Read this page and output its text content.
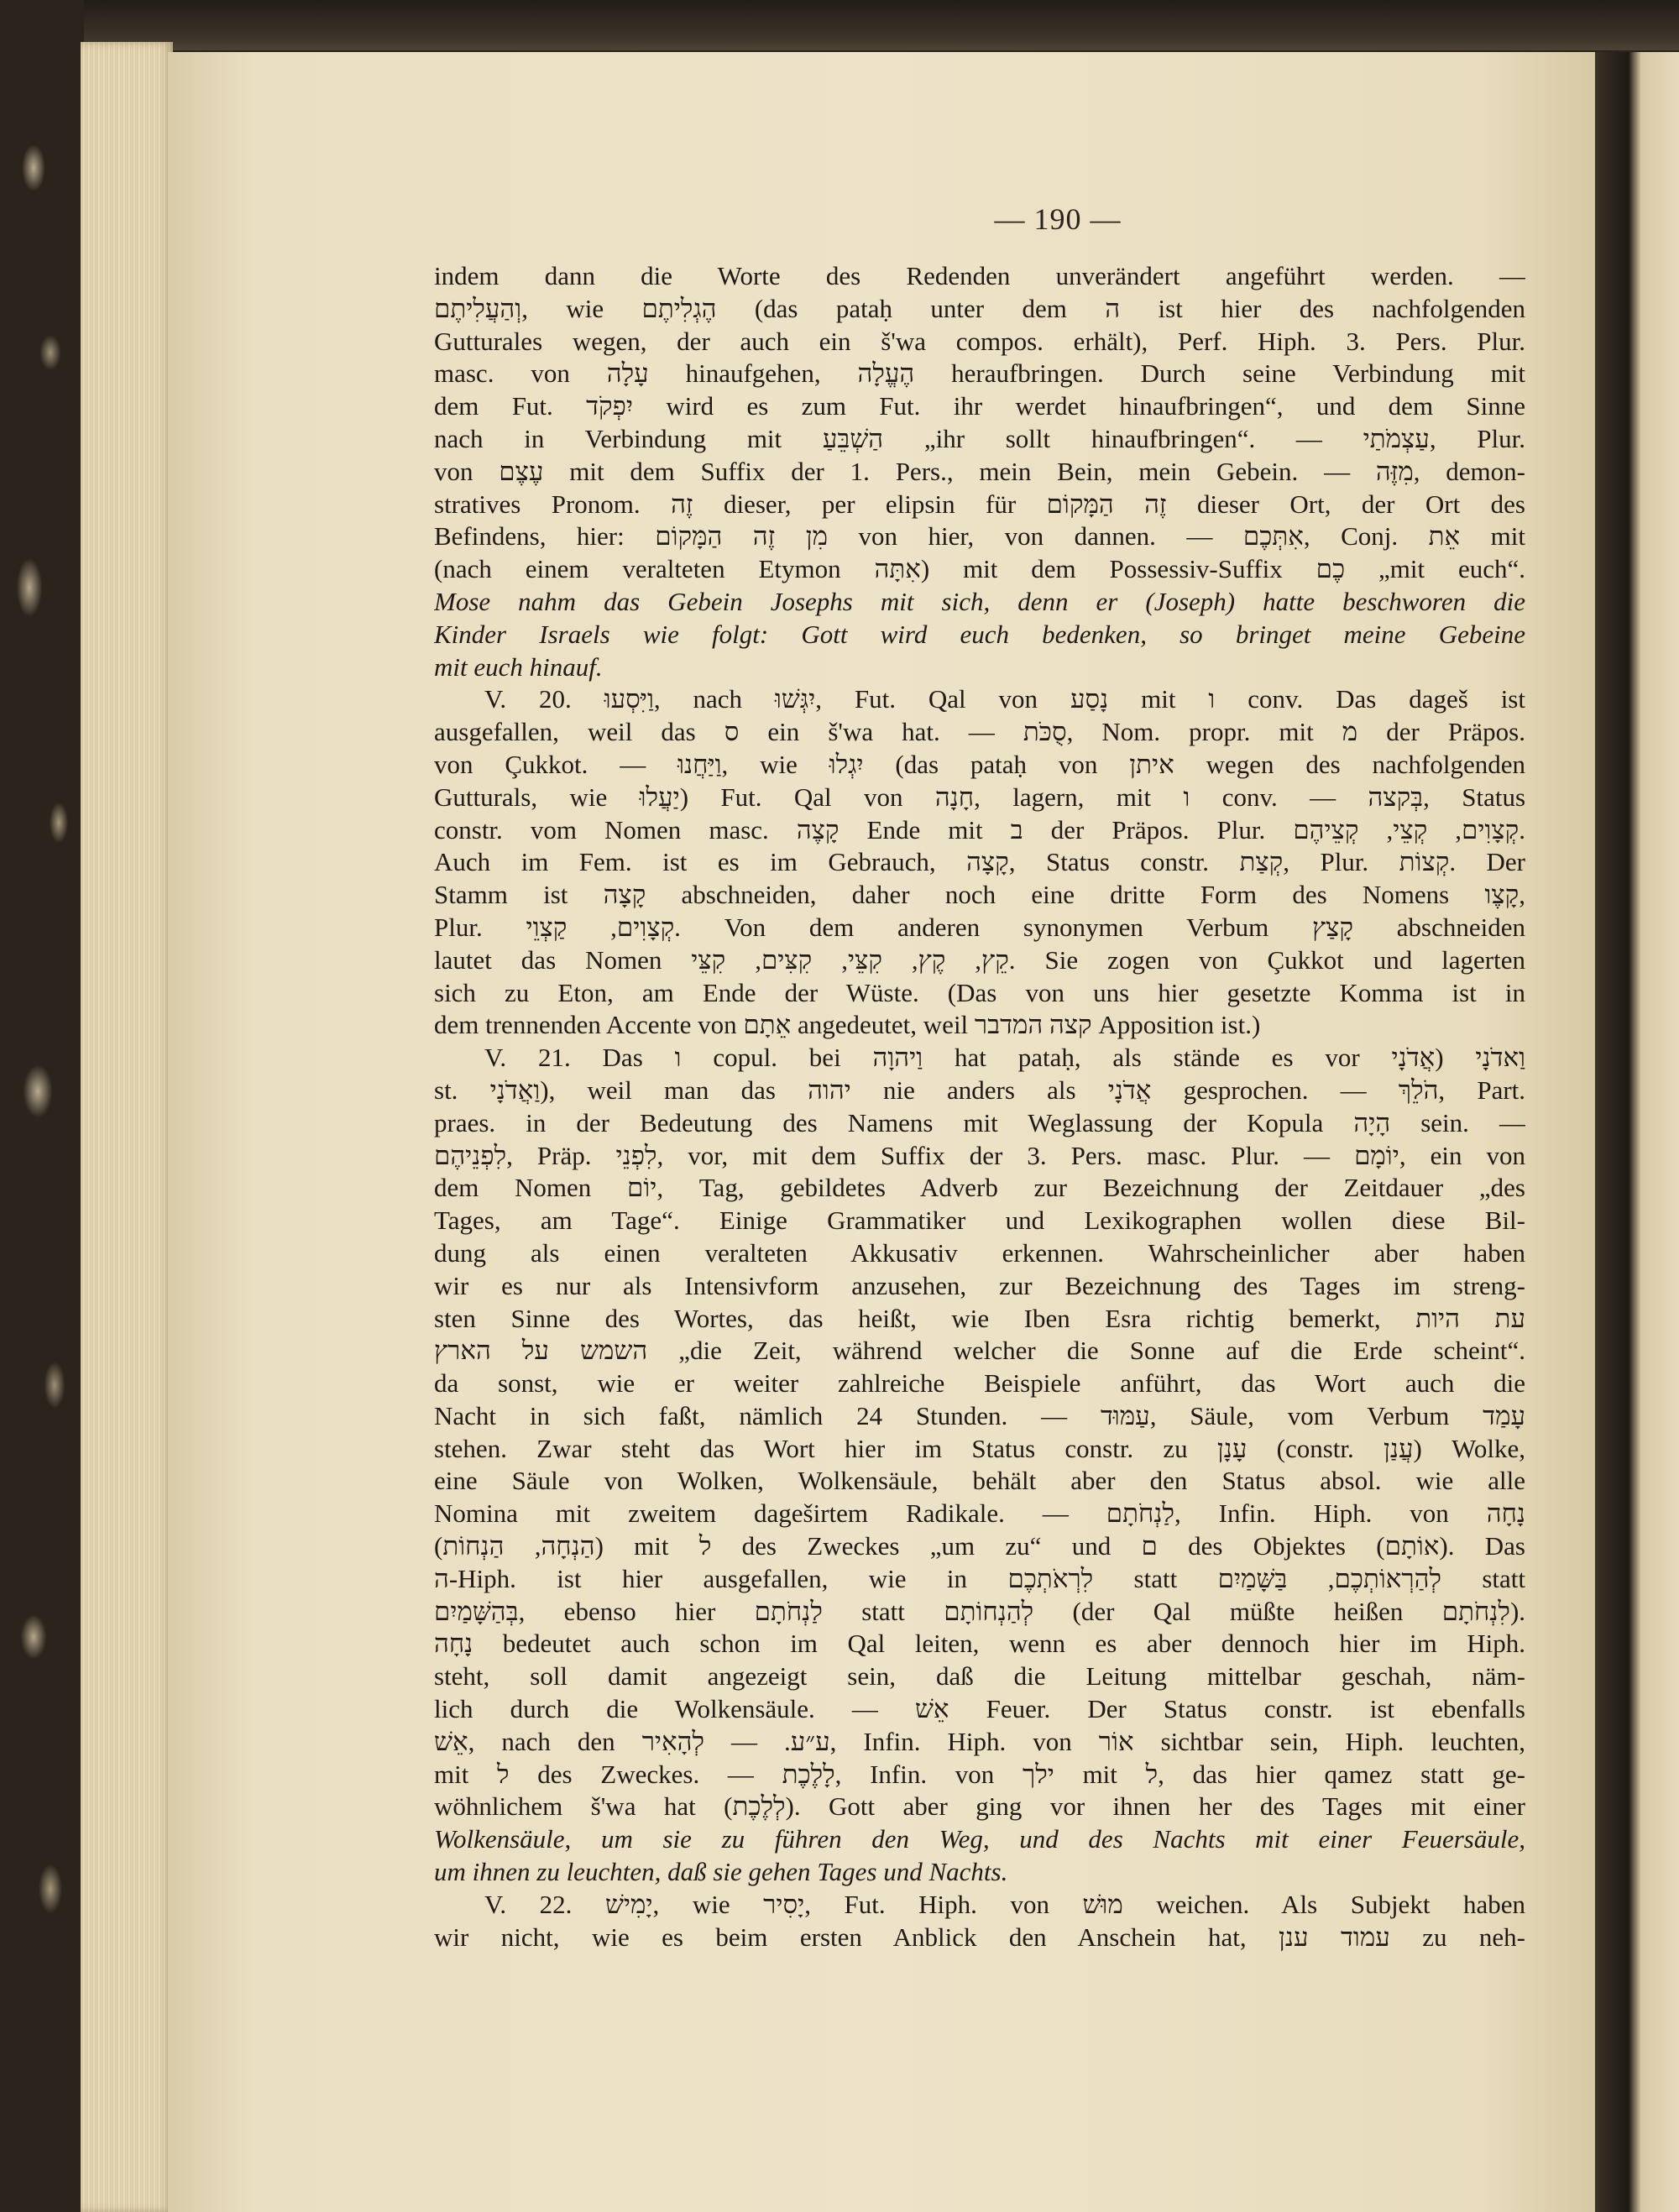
— 190 —
indem dann die Worte des Redenden unverändert angeführt werden. —
וְהַעֲלִיתֶם, wie הֶגְלִיתֶם (das pataḥ unter dem ה ist hier des nachfolgenden
Gutturales wegen, der auch ein š'wa compos. erhält), Perf. Hiph. 3. Pers. Plur.
masc. von עָלָה hinaufgehen, הֶעֱלָה heraufbringen. Durch seine Verbindung mit
dem Fut. יִפְקֹד wird es zum Fut. ihr werdet hinaufbringen“, und dem Sinne
nach in Verbindung mit הַשְׁבֵּעַ „ihr sollt hinaufbringen“. — עַצְמֹתַי, Plur.
von עֶצֶם mit dem Suffix der 1. Pers., mein Bein, mein Gebein. — מִזֶּה, demon-
stratives Pronom. זֶה dieser, per elipsin für זֶה הַמָּקוֹם dieser Ort, der Ort des
Befindens, hier: מִן זֶה הַמָּקוֹם von hier, von dannen. — אִתְּכֶם, Conj. אֵת mit
(nach einem veralteten Etymon אִתָּה) mit dem Possessiv-Suffix כֶם „mit euch“.
Mose nahm das Gebein Josephs mit sich, denn er (Joseph) hatte beschworen die
Kinder Israels wie folgt: Gott wird euch bedenken, so bringet meine Gebeine
mit euch hinauf.
V. 20. וַיִּסְעוּ, nach יִגְּשׁוּ, Fut. Qal von נָסַע mit ו conv. Das dageš ist
ausgefallen, weil das ס ein š'wa hat. — סֻכֹּת, Nom. propr. mit מ der Präpos.
von Çukkot. — וַיַּחֲנוּ, wie יִגְלוּ (das pataḥ von איתן wegen des nachfolgenden
Gutturals, wie יַעֲלוּ) Fut. Qal von חָנָה, lagern, mit ו conv. — בְּקצה, Status
constr. vom Nomen masc. קָצֶה Ende mit ב der Präpos. Plur. קְצָוִים, קְצֵי, קְצֵיהֶם.
Auch im Fem. ist es im Gebrauch, קָצָה, Status constr. קְצַת, Plur. קְצוֹת. Der
Stamm ist קָצָה abschneiden, daher noch eine dritte Form des Nomens קָצֶו,
Plur. קְצָוִים, קַצְוֵי. Von dem anderen synonymen Verbum קָצַץ abschneiden
lautet das Nomen קֵץ, קֶץ, קִצֵּי, קִצִּים, קִצֵּי. Sie zogen von Çukkot und lagerten
sich zu Eton, am Ende der Wüste. (Das von uns hier gesetzte Komma ist in
dem trennenden Accente von אֵתָם angedeutet, weil קצה המדבר Apposition ist.)
V. 21. Das ו copul. bei וַיהוָה hat pataḥ, als stände es vor וַאדֹנָי (אֲדֹנָי
st. וַאֲדֹנָי), weil man das יהוה nie anders als אֲדֹנָי gesprochen. — הֹלֵךְ, Part.
praes. in der Bedeutung des Namens mit Weglassung der Kopula הָיָה sein. —
לִפְנֵיהֶם, Präp. לִפְנֵי, vor, mit dem Suffix der 3. Pers. masc. Plur. — יוֹמָם, ein von
dem Nomen יוֹם, Tag, gebildetes Adverb zur Bezeichnung der Zeitdauer „des
Tages, am Tage“. Einige Grammatiker und Lexikographen wollen diese Bil-
dung als einen veralteten Akkusativ erkennen. Wahrscheinlicher aber haben
wir es nur als Intensivform anzusehen, zur Bezeichnung des Tages im streng-
sten Sinne des Wortes, das heißt, wie Iben Esra richtig bemerkt, עת היות
השמש על הארץ „die Zeit, während welcher die Sonne auf die Erde scheint“.
da sonst, wie er weiter zahlreiche Beispiele anführt, das Wort auch die
Nacht in sich faßt, nämlich 24 Stunden. — עַמּוּד, Säule, vom Verbum עָמַד
stehen. Zwar steht das Wort hier im Status constr. zu עָנָן (constr. עֲנַן) Wolke,
eine Säule von Wolken, Wolkensäule, behält aber den Status absol. wie alle
Nomina mit zweitem dageširtem Radikale. — לַנְחֹתָם, Infin. Hiph. von נָחָה
(הַנְחָה, הַנְחוֹת) mit ל des Zweckes „um zu“ und ם des Objektes (אוֹתָם). Das
ה-Hiph. ist hier ausgefallen, wie in לִרְאֹתְכֶם statt לְהַרְאוֹתְכֶם, בַּשָּׁמַיִם statt
בְּהַשָּׁמַיִם, ebenso hier לַנְחֹתָם statt לְהַנְחוֹתָם (der Qal müßte heißen לִנְחֹתָם).
נָחָה bedeutet auch schon im Qal leiten, wenn es aber dennoch hier im Hiph.
steht, soll damit angezeigt sein, daß die Leitung mittelbar geschah, näm-
lich durch die Wolkensäule. — אֵשׁ Feuer. Der Status constr. ist ebenfalls
אֵשׁ, nach den ע״ע. — לְהָאִיר, Infin. Hiph. von אוֹר sichtbar sein, Hiph. leuchten,
mit ל des Zweckes. — לָלֶכֶת, Infin. von ילך mit ל, das hier qamez statt ge-
wöhnlichem š'wa hat (לְלֶכֶת). Gott aber ging vor ihnen her des Tages mit einer
Wolkensäule, um sie zu führen den Weg, und des Nachts mit einer Feuersäule,
um ihnen zu leuchten, daß sie gehen Tages und Nachts.
V. 22. יָמִישׁ, wie יָסִיר, Fut. Hiph. von מוּשׁ weichen. Als Subjekt haben
wir nicht, wie es beim ersten Anblick den Anschein hat, עמוד ענן zu neh-
